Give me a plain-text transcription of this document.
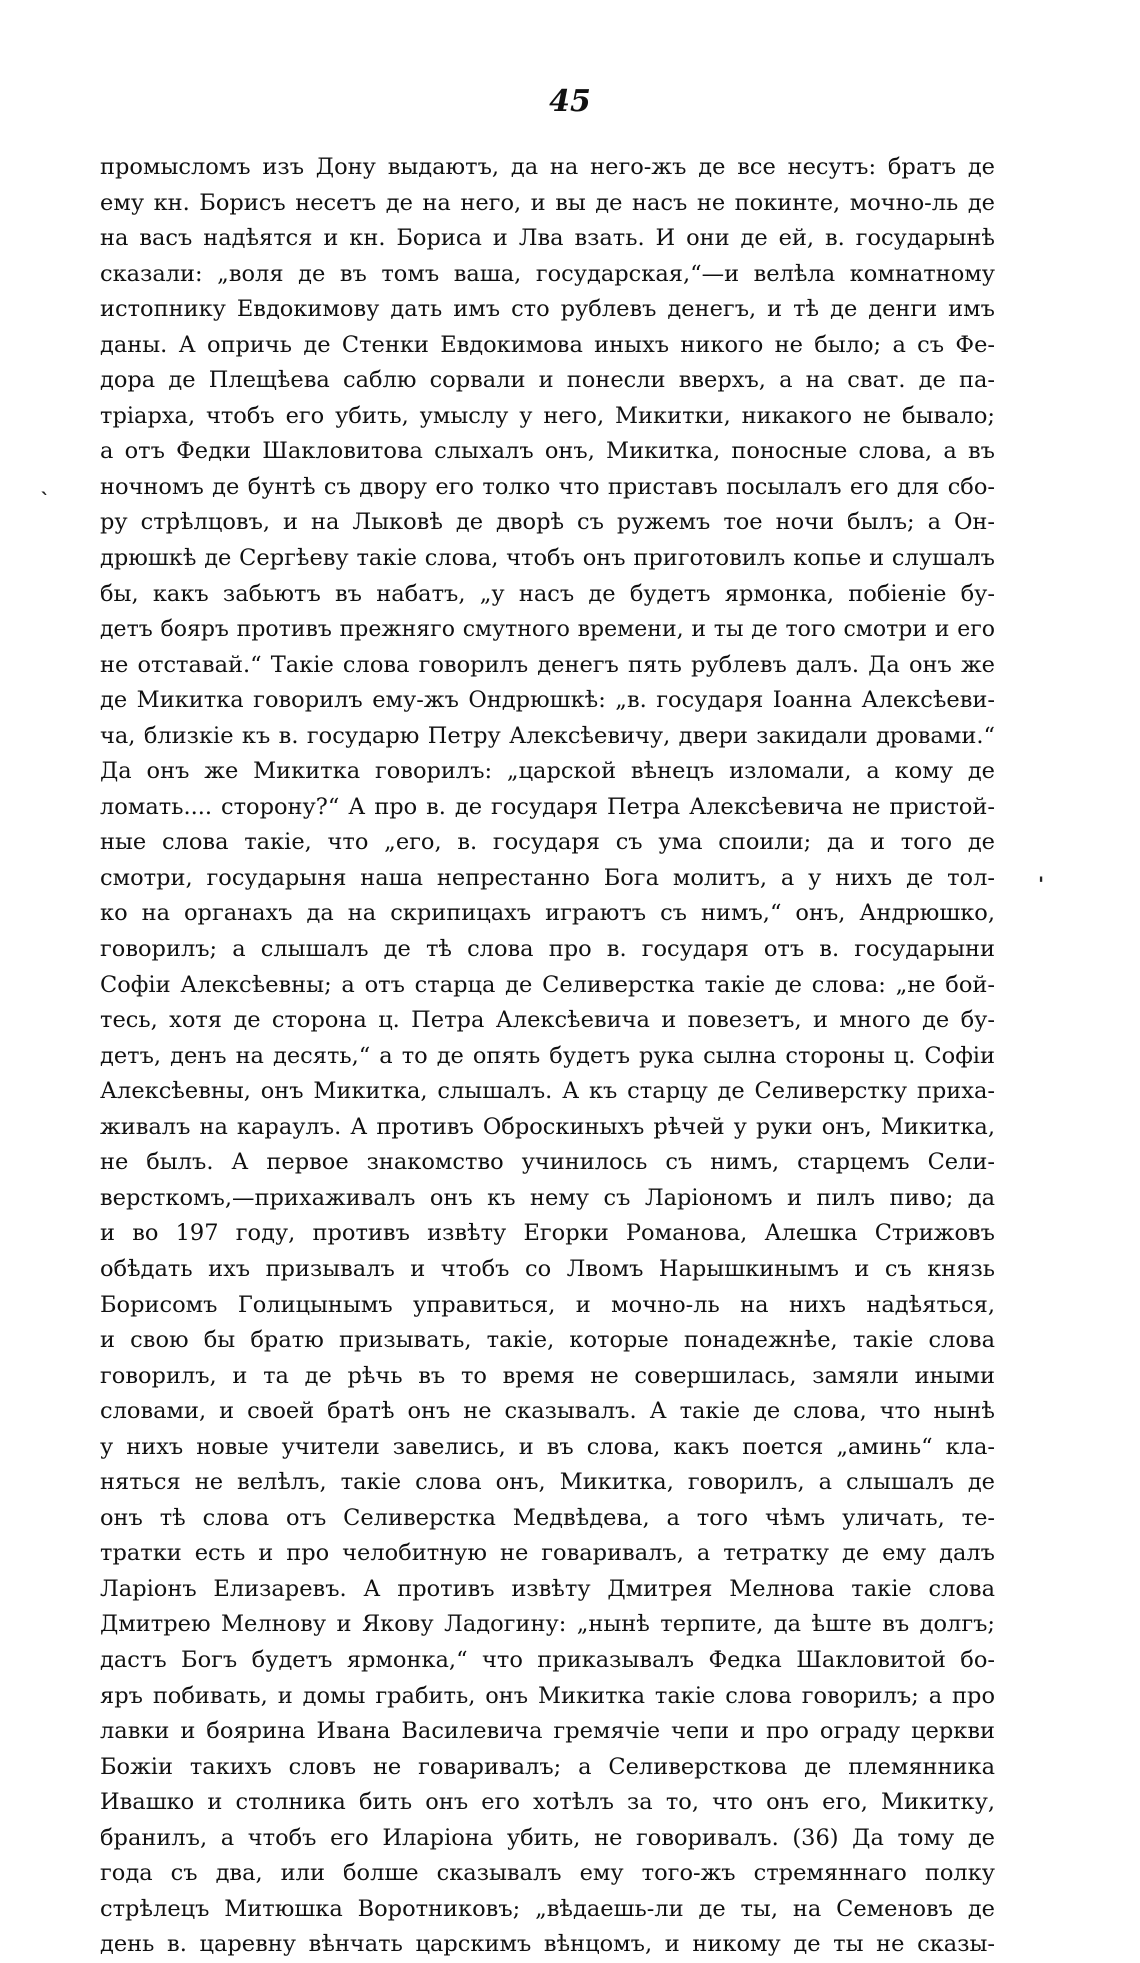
45
промысломъ изъ Дону выдаютъ, да на него-жъ де все несутъ: братъ де
ему кн. Борисъ несетъ де на него, и вы де насъ не покинте, мочно-ль де
на васъ надѣятся и кн. Бориса и Лва взать. И они де ей, в. государынѣ
сказали: „воля де въ томъ ваша, государская,“—и велѣла комнатному
истопнику Евдокимову дать имъ сто рублевъ денегъ, и тѣ де денги имъ
даны. А опричь де Стенки Евдокимова иныхъ никого не было; а съ Фе-
дора де Плещѣева саблю сорвали и понесли вверхъ, а на сват. де па-
тріарха, чтобъ его убить, умыслу у него, Микитки, никакого не бывало;
а отъ Федки Шакловитова слыхалъ онъ, Микитка, поносные слова, а въ
ночномъ де бунтѣ съ двору его толко что приставъ посылалъ его для сбо-
ру стрѣлцовъ, и на Лыковѣ де дворѣ съ ружемъ тое ночи былъ; а Он-
дрюшкѣ де Сергѣеву такіе слова, чтобъ онъ приготовилъ копье и слушалъ
бы, какъ забьютъ въ набатъ, „у насъ де будетъ ярмонка, побіеніе бу-
детъ бояръ противъ прежняго смутного времени, и ты де того смотри и его
не отставай.“ Такіе слова говорилъ денегъ пять рублевъ далъ. Да онъ же
де Микитка говорилъ ему-жъ Ондрюшкѣ: „в. государя Іоанна Алексѣеви-
ча, близкіе къ в. государю Петру Алексѣевичу, двери закидали дровами.“
Да онъ же Микитка говорилъ: „царской вѣнецъ изломали, а кому де
ломать.... сторону?“ А про в. де государя Петра Алексѣевича не пристой-
ные слова такіе, что „его, в. государя съ ума споили; да и того де
смотри, государыня наша непрестанно Бога молитъ, а у нихъ де тол-
ко на органахъ да на скрипицахъ играютъ съ нимъ,“ онъ, Андрюшко,
говорилъ; а слышалъ де тѣ слова про в. государя отъ в. государыни
Софіи Алексѣевны; а отъ старца де Селиверстка такіе де слова: „не бой-
тесь, хотя де сторона ц. Петра Алексѣевича и повезетъ, и много де бу-
детъ, денъ на десять,“ а то де опять будетъ рука сылна стороны ц. Софіи
Алексѣевны, онъ Микитка, слышалъ. А къ старцу де Селиверстку приха-
живалъ на караулъ. А противъ Оброскиныхъ рѣчей у руки онъ, Микитка,
не былъ. А первое знакомство учинилось съ нимъ, старцемъ Сели-
версткомъ,—прихаживалъ онъ къ нему съ Ларіономъ и пилъ пиво; да
и во 197 году, противъ извѣту Егорки Романова, Алешка Стрижовъ
обѣдать ихъ призывалъ и чтобъ со Лвомъ Нарышкинымъ и съ князь
Борисомъ Голицынымъ управиться, и мочно-ль на нихъ надѣяться,
и свою бы братю призывать, такіе, которые понадежнѣе, такіе слова
говорилъ, и та де рѣчь въ то время не совершилась, замяли иными
словами, и своей братѣ онъ не сказывалъ. А такіе де слова, что нынѣ
у нихъ новые учители завелись, и въ слова, какъ поется „аминь“ кла-
няться не велѣлъ, такіе слова онъ, Микитка, говорилъ, а слышалъ де
онъ тѣ слова отъ Селиверстка Медвѣдева, а того чѣмъ уличать, те-
тратки есть и про челобитную не говаривалъ, а тетратку де ему далъ
Ларіонъ Елизаревъ. А противъ извѣту Дмитрея Мелнова такіе слова
Дмитрею Мелнову и Якову Ладогину: „нынѣ терпите, да ѣште въ долгъ;
дастъ Богъ будетъ ярмонка,“ что приказывалъ Федка Шакловитой бо-
яръ побивать, и домы грабить, онъ Микитка такіе слова говорилъ; а про
лавки и боярина Ивана Василевича гремячіе чепи и про ограду церкви
Божіи такихъ словъ не говаривалъ; а Селиверсткова де племянника
Ивашко и столника бить онъ его хотѣлъ за то, что онъ его, Микитку,
бранилъ, а чтобъ его Иларіона убить, не говоривалъ. (36) Да тому де
года съ два, или болше сказывалъ ему того-жъ стремяннаго полку
стрѣлецъ Митюшка Воротниковъ; „вѣдаешь-ли де ты, на Семеновъ де
день в. царевну вѣнчать царскимъ вѣнцомъ, и никому де ты не сказы-
`
'
